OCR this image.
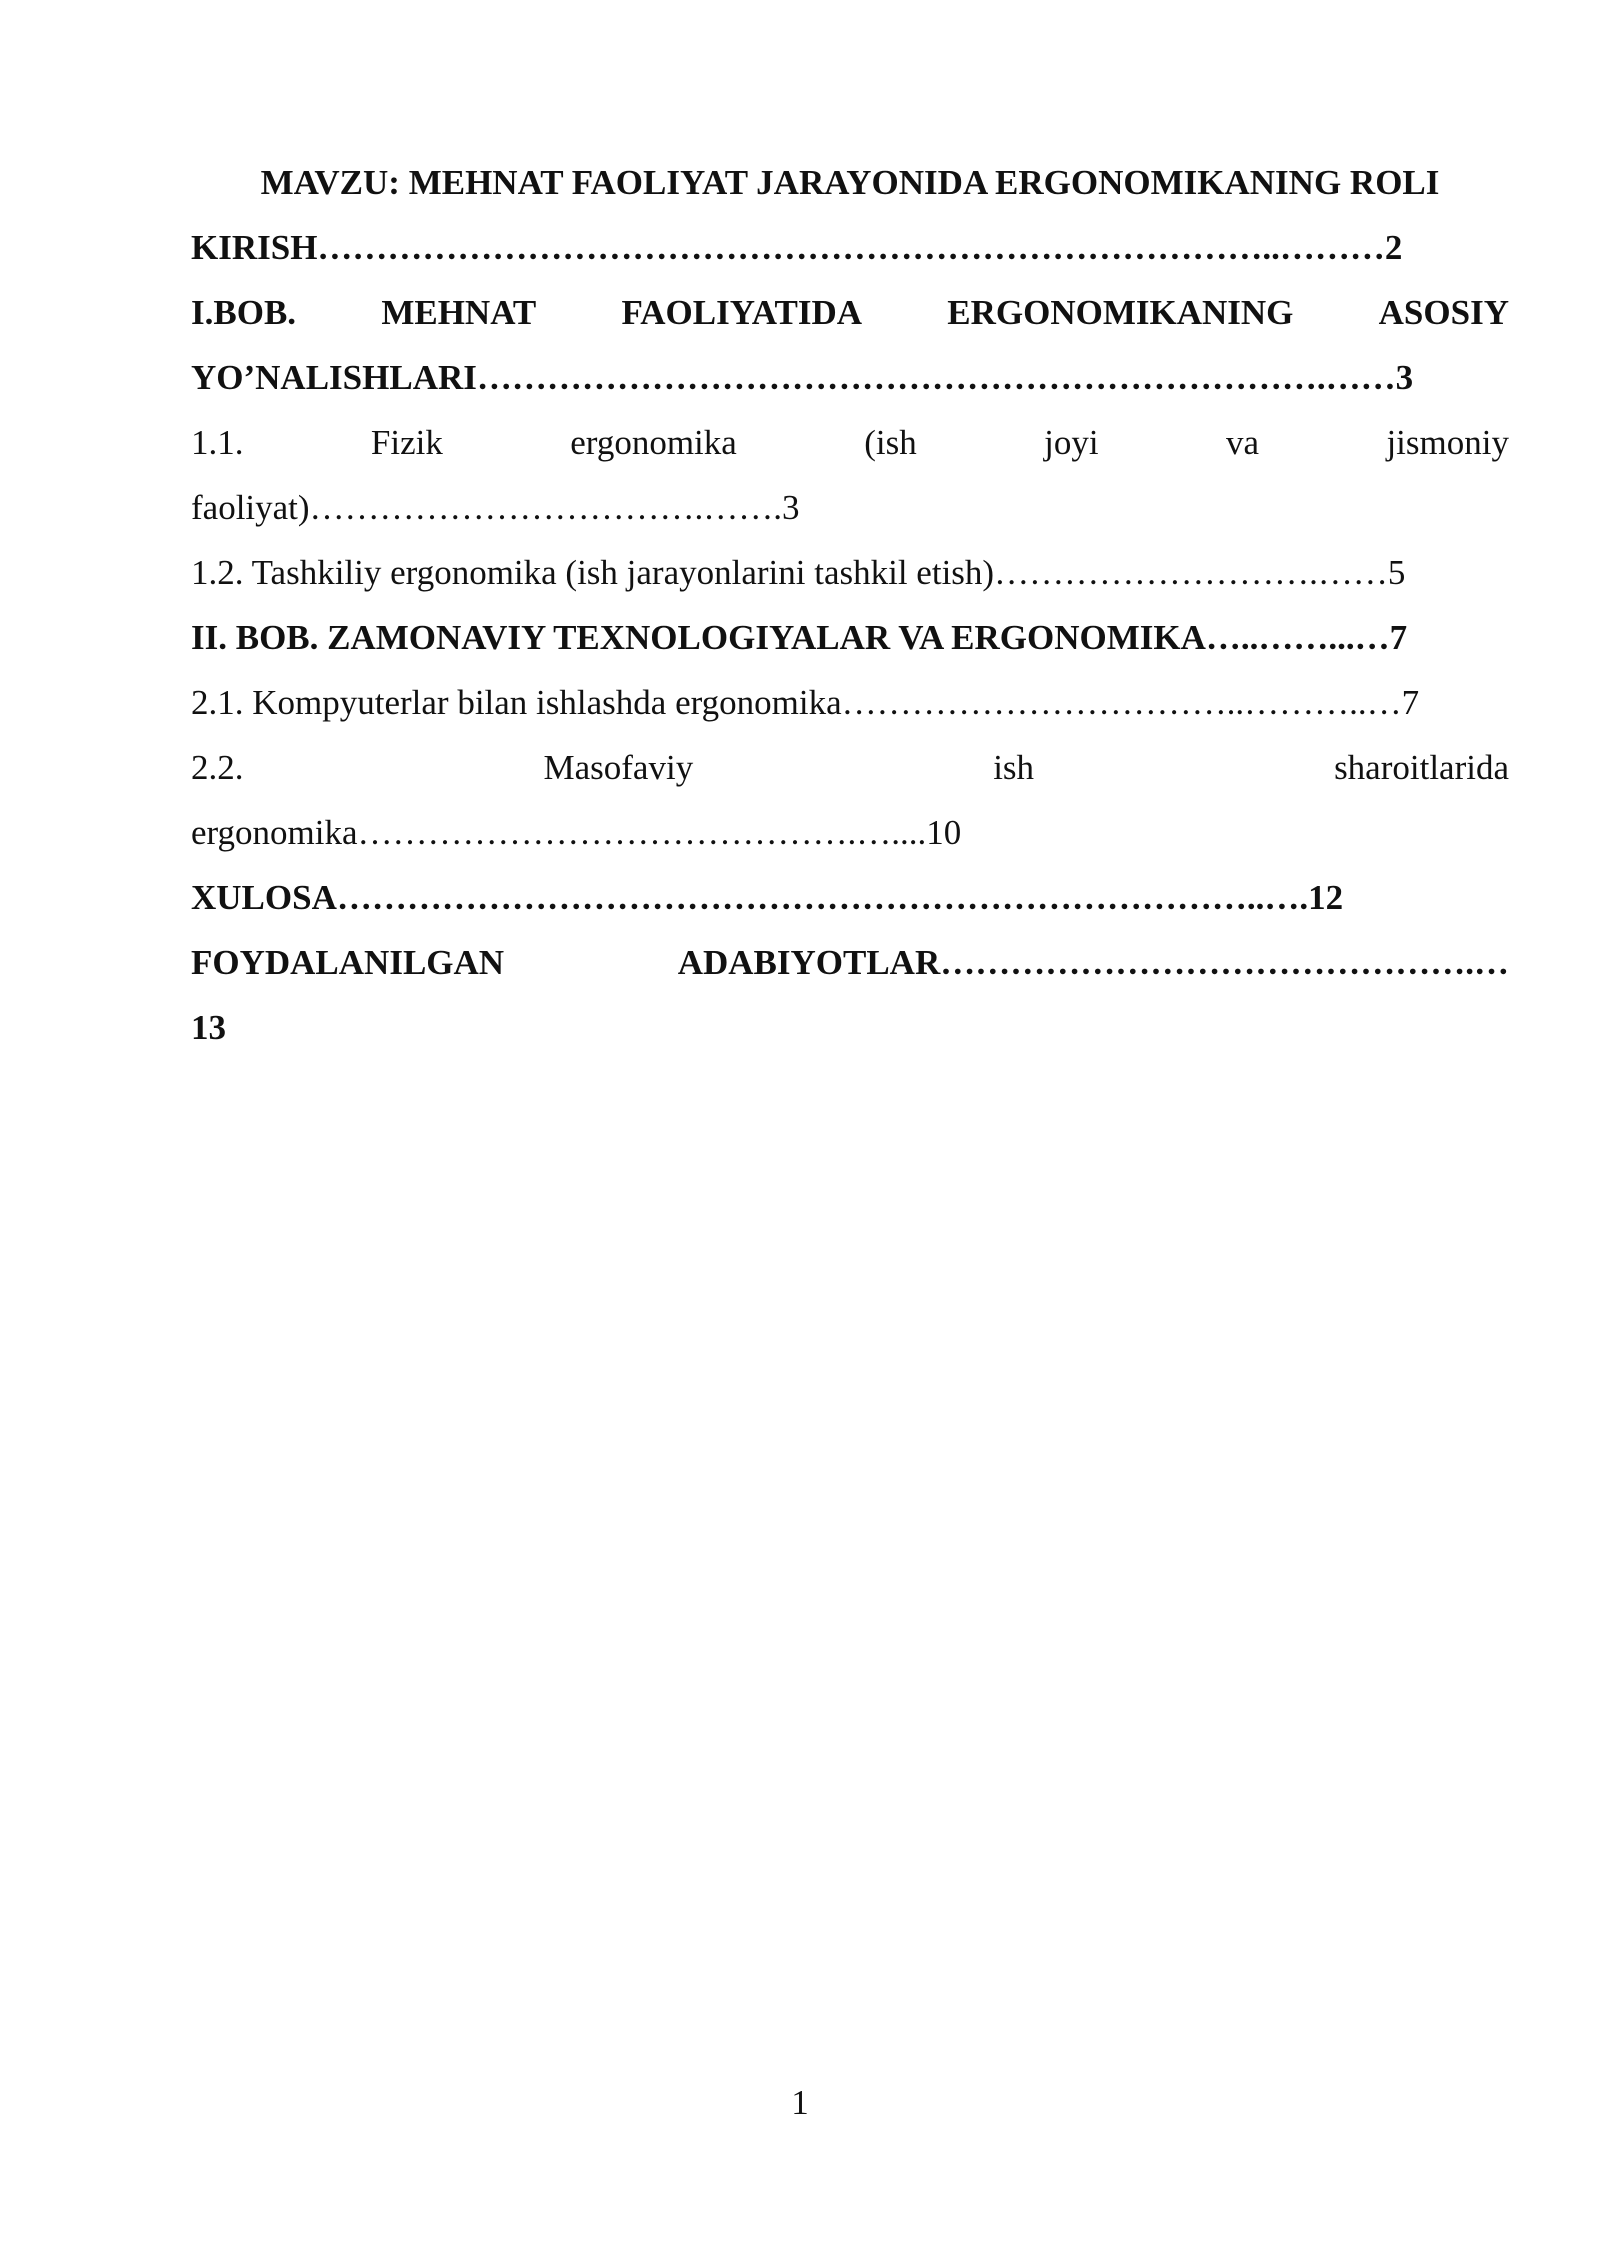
MAVZU: MEHNAT FAOLIYAT JARAYONIDA ERGONOMIKANING ROLI
KIRISH………………………………………………………………………..………2
I.BOB. MEHNAT FAOLIYATIDA ERGONOMIKANING ASOSIY
YO’NALISHLARI……………………………………………………………….……3
1.1.	Fizik	ergonomika	(ish	joyi	va	jismoniy
faoliyat)…………………………….…….3
1.2. Tashkiliy ergonomika (ish jarayonlarini tashkil etish)……………………….……5
II. BOB. ZAMONAVIY TEXNOLOGIYALAR VA ERGONOMIKA…..……...…7
2.1. Kompyuterlar bilan ishlashda ergonomika……………………………..………..…7
2.2.	Masofaviy	ish	sharoitlarida
ergonomika…………………………………….…....10
XULOSA……………………………………………………………………..….12
FOYDALANILGAN	ADABIYOTLAR……………………………………….…
13
1
